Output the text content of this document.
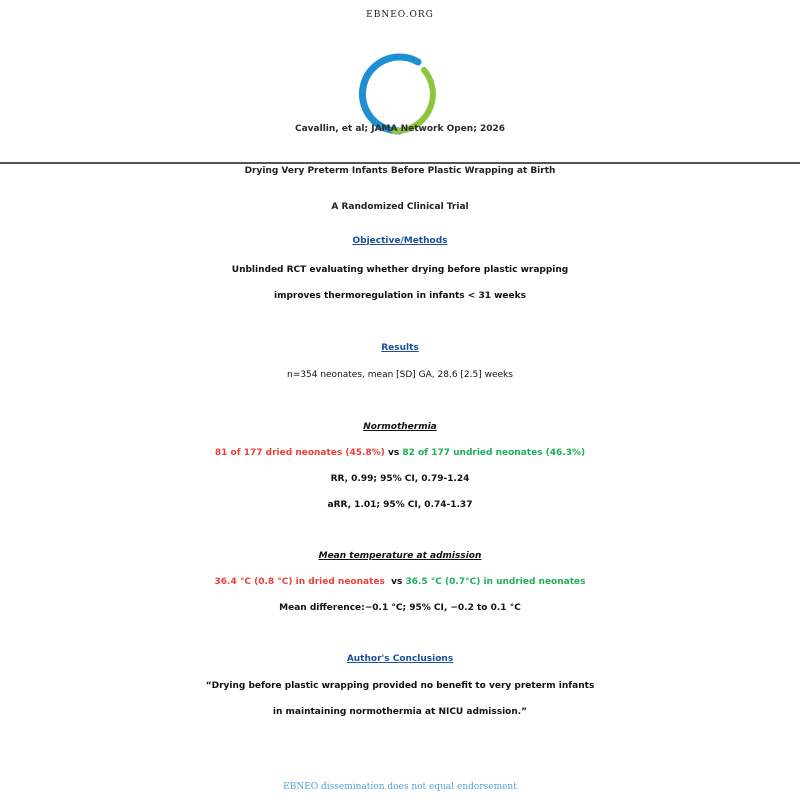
EBNEO.ORG
Cavallin, et al; JAMA Network Open; 2026
Drying Very Preterm Infants Before Plastic Wrapping at Birth
A Randomized Clinical Trial
Objective/Methods
Unblinded RCT evaluating whether drying before plastic wrapping
improves thermoregulation in infants < 31 weeks
Results
n=354 neonates, mean [SD] GA, 28.6 [2.5] weeks
Normothermia
81 of 177 dried neonates (45.8%) vs 82 of 177 undried neonates (46.3%)
RR, 0.99; 95% CI, 0.79-1.24
aRR, 1.01; 95% CI, 0.74-1.37
Mean temperature at admission
36.4 °C (0.8 °C) in dried neonates  vs 36.5 °C (0.7°C) in undried neonates
Mean difference:−0.1 °C; 95% CI, −0.2 to 0.1 °C
Author's Conclusions
“Drying before plastic wrapping provided no benefit to very preterm infants
in maintaining normothermia at NICU admission.”
EBNEO dissemination does not equal endorsement
